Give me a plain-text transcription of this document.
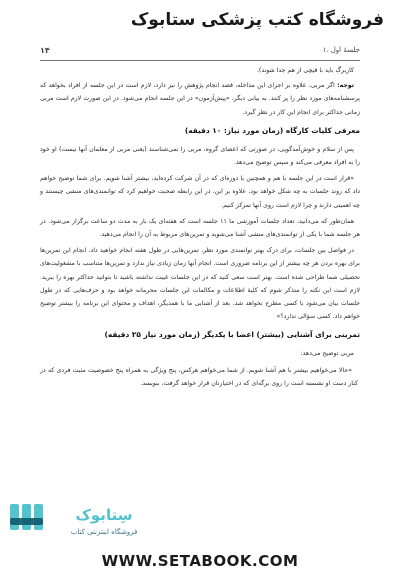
فروشگاه کتب پزشکی ستابوک
۱۴	۱. جلسهٔ اول

کاربرگ باید با قیچی از هم جدا شوند).

توجه: اگر مربی، علاوه بر اجرای این مداخله، قصد انجام پژوهش را نیز دارد، لازم است در این جلسه از افراد بخواهد که پرسشنامه‌های مورد نظر را پر کنند. به بیانی دیگر، «پیش‌آزمون» در این جلسه انجام می‌شود. در این صورت لازم است مربی زمانی حداکثر برای انجام این کار در نظر گیرد.

معرفی کلیات کارگاه (زمان مورد نیاز: ۱۰ دقیقه)

پس از سلام و خوش‌آمدگویی، در صورتی که اعضای گروه، مربی را نمی‌شناسند (یعنی مربی از معلمان آنها نیست) او خود را به افراد معرفی می‌کند و سپس توضیح می‌دهد.

«قرار است در این جلسه با هم و همچنین با دوره‌ای که در آن شرکت کرده‌اید، بیشتر آشنا شویم. برای شما توضیح خواهم داد که روند جلسات به چه شکل خواهد بود. علاوه بر این، در این رابطه صحبت خواهیم کرد که توانمندی‌های منشی چیستند و چه اهمیتی دارند و چرا لازم است روی آنها تمرکز کنیم.

همان‌طور که می‌دانید، تعداد جلسات آموزشی ما ۱۱ جلسه است که هفته‌ای یک بار به مدت دو ساعت برگزار می‌شود. در هر جلسه شما با یکی از توانمندی‌های منشی آشنا می‌شوید و تمرین‌های مربوط به آن را انجام می‌دهید.

در فواصل بین جلسات، برای درک بهتر توانمندی مورد نظر، تمرین‌هایی در طول هفته انجام خواهید داد. انجام این تمرین‌ها برای بهره بردن هر چه بیشتر از این برنامه ضروری است. انجام آنها زمان زیادی نیاز ندارد و تمرین‌ها متناسب با مشغولیت‌های تحصیلی شما طراحی شده است. بهتر است سعی کنید که در این جلسات غیبت نداشته باشید تا بتوانید حداکثر بهره را ببرید. لازم است این نکته را متذکر شوم که کلیهٔ اطلاعات و مکالمات این جلسات محرمانه خواهد بود و حرف‌هایی که در طول جلسات بیان می‌شود با کسی مطرح نخواهد شد. بعد از آشنایی ما با همدیگر، اهداف و محتوای این برنامه را بیشتر توضیح خواهم داد. کسی سؤالی ندارد؟»

تمرینی برای آشنایی (بیشتر) اعضا با یکدیگر (زمان مورد نیاز ۲۵ دقیقه)

مربی توضیح می‌دهد:

«حالا می‌خواهیم بیشتر با هم آشنا شویم. از شما می‌خواهم هرکس، پنج ویژگی به همراه پنج خصوصیت مثبت فردی که در کنار دست او نشسته است را روی برگه‌ای که در اختیارتان قرار خواهد گرفت، بنویسد.

سِتابوک
فروشگاه اینترنتی کتاب
WWW.SETABOOK.COM
